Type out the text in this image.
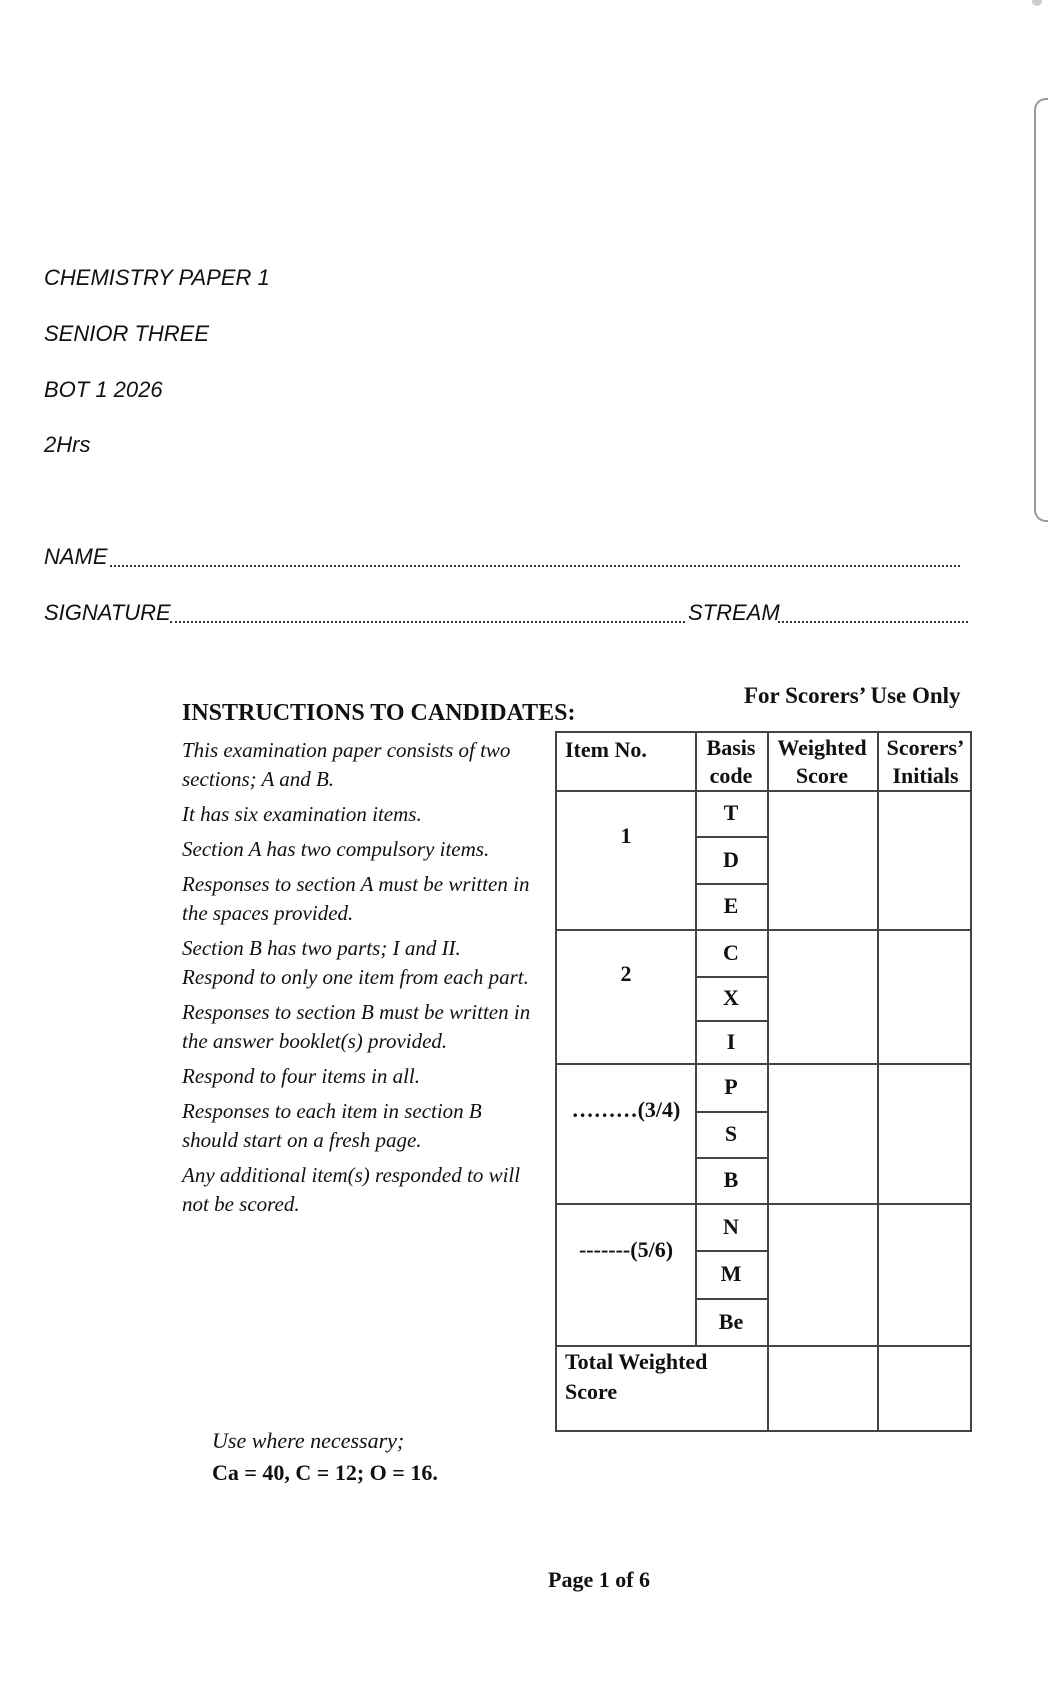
CHEMISTRY PAPER 1
SENIOR THREE
BOT 1 2026
2Hrs
NAME
SIGNATURE	STREAM
INSTRUCTIONS TO CANDIDATES:

This examination paper consists of two sections; A and B.

It has six examination items.

Section A has two compulsory items.

Responses to section A must be written in the spaces provided.

Section B has two parts; I and II. Respond to only one item from each part.

Responses to section B must be written in the answer booklet(s) provided.

Respond to four items in all.

Responses to each item in section B should start on a fresh page.

Any additional item(s) responded to will not be scored.

Use where necessary;
Ca = 40, C = 12; O = 16.
For Scorers’ Use Only
Item No.	Basis code
Weighted Score
Scorers’ Initials
1
T
D
E
2
C
X
I
………(3/4)
P
S
B
-------(5/6)
N
M
Be
Total Weighted Score
Page 1 of 6
